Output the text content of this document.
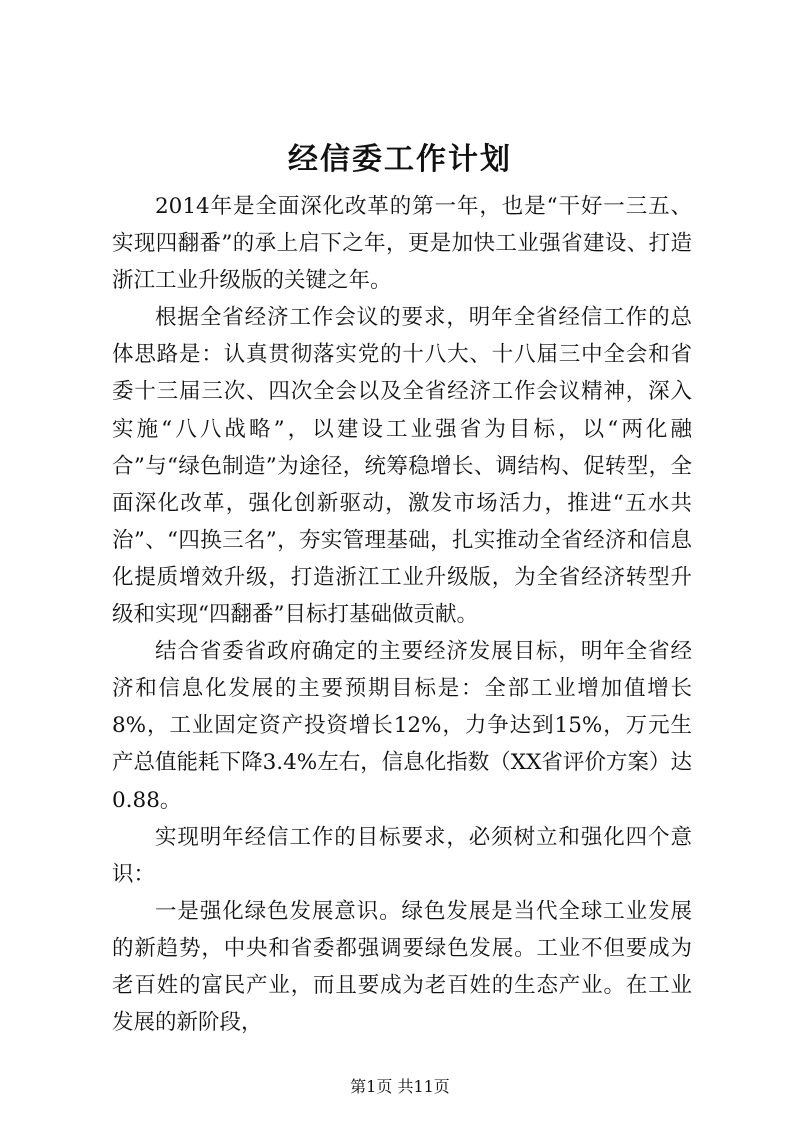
经信委工作计划

2014年是全面深化改革的第一年，也是“干好一三五、实现四翻番”的承上启下之年，更是加快工业强省建设、打造浙江工业升级版的关键之年。

根据全省经济工作会议的要求，明年全省经信工作的总体思路是：认真贯彻落实党的十八大、十八届三中全会和省委十三届三次、四次全会以及全省经济工作会议精神，深入实施“八八战略”，以建设工业强省为目标，以“两化融合”与“绿色制造”为途径，统筹稳增长、调结构、促转型，全面深化改革，强化创新驱动，激发市场活力，推进“五水共治”、“四换三名”，夯实管理基础，扎实推动全省经济和信息化提质增效升级，打造浙江工业升级版，为全省经济转型升级和实现“四翻番”目标打基础做贡献。

结合省委省政府确定的主要经济发展目标，明年全省经济和信息化发展的主要预期目标是：全部工业增加值增长8%，工业固定资产投资增长12%，力争达到15%，万元生产总值能耗下降3.4%左右，信息化指数（XX省评价方案）达0.88。

实现明年经信工作的目标要求，必须树立和强化四个意识：

一是强化绿色发展意识。绿色发展是当代全球工业发展的新趋势，中央和省委都强调要绿色发展。工业不但要成为老百姓的富民产业，而且要成为老百姓的生态产业。在工业发展的新阶段，

第1页 共11页
